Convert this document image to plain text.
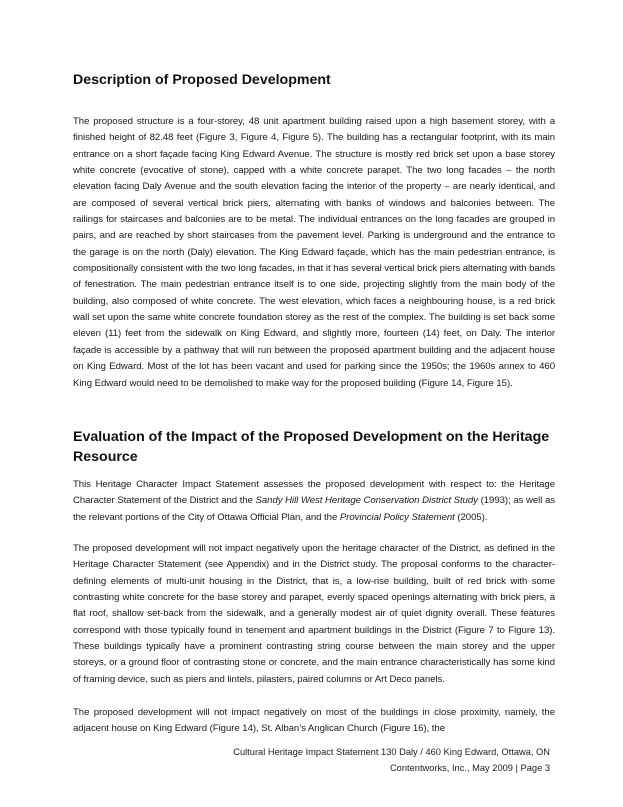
Description of Proposed Development

The proposed structure is a four-storey, 48 unit apartment building raised upon a high basement storey, with a finished height of 82.48 feet (Figure 3, Figure 4, Figure 5). The building has a rectangular footprint, with its main entrance on a short façade facing King Edward Avenue. The structure is mostly red brick set upon a base storey white concrete (evocative of stone), capped with a white concrete parapet. The two long facades – the north elevation facing Daly Avenue and the south elevation facing the interior of the property – are nearly identical, and are composed of several vertical brick piers, alternating with banks of windows and balconies between. The railings for staircases and balconies are to be metal. The individual entrances on the long facades are grouped in pairs, and are reached by short staircases from the pavement level. Parking is underground and the entrance to the garage is on the north (Daly) elevation. The King Edward façade, which has the main pedestrian entrance, is compositionally consistent with the two long facades, in that it has several vertical brick piers alternating with bands of fenestration. The main pedestrian entrance itself is to one side, projecting slightly from the main body of the building, also composed of white concrete. The west elevation, which faces a neighbouring house, is a red brick wall set upon the same white concrete foundation storey as the rest of the complex. The building is set back some eleven (11) feet from the sidewalk on King Edward, and slightly more, fourteen (14) feet, on Daly. The interior façade is accessible by a pathway that will run between the proposed apartment building and the adjacent house on King Edward. Most of the lot has been vacant and used for parking since the 1950s; the 1960s annex to 460 King Edward would need to be demolished to make way for the proposed building (Figure 14, Figure 15).

Evaluation of the Impact of the Proposed Development on the Heritage Resource

This Heritage Character Impact Statement assesses the proposed development with respect to: the Heritage Character Statement of the District and the Sandy Hill West Heritage Conservation District Study (1993); as well as the relevant portions of the City of Ottawa Official Plan, and the Provincial Policy Statement (2005).

The proposed development will not impact negatively upon the heritage character of the District, as defined in the Heritage Character Statement (see Appendix) and in the District study. The proposal conforms to the character-defining elements of multi-unit housing in the District, that is, a low-rise building, built of red brick with some contrasting white concrete for the base storey and parapet, evenly spaced openings alternating with brick piers, a flat roof, shallow set-back from the sidewalk, and a generally modest air of quiet dignity overall. These features correspond with those typically found in tenement and apartment buildings in the District (Figure 7 to Figure 13). These buildings typically have a prominent contrasting string course between the main storey and the upper storeys, or a ground floor of contrasting stone or concrete, and the main entrance characteristically has some kind of framing device, such as piers and lintels, pilasters, paired columns or Art Deco panels.

The proposed development will not impact negatively on most of the buildings in close proximity, namely, the adjacent house on King Edward (Figure 14), St. Alban’s Anglican Church (Figure 16), the

Cultural Heritage Impact Statement 130 Daly / 460 King Edward, Ottawa, ON
Contentworks, Inc., May 2009 | Page 3
